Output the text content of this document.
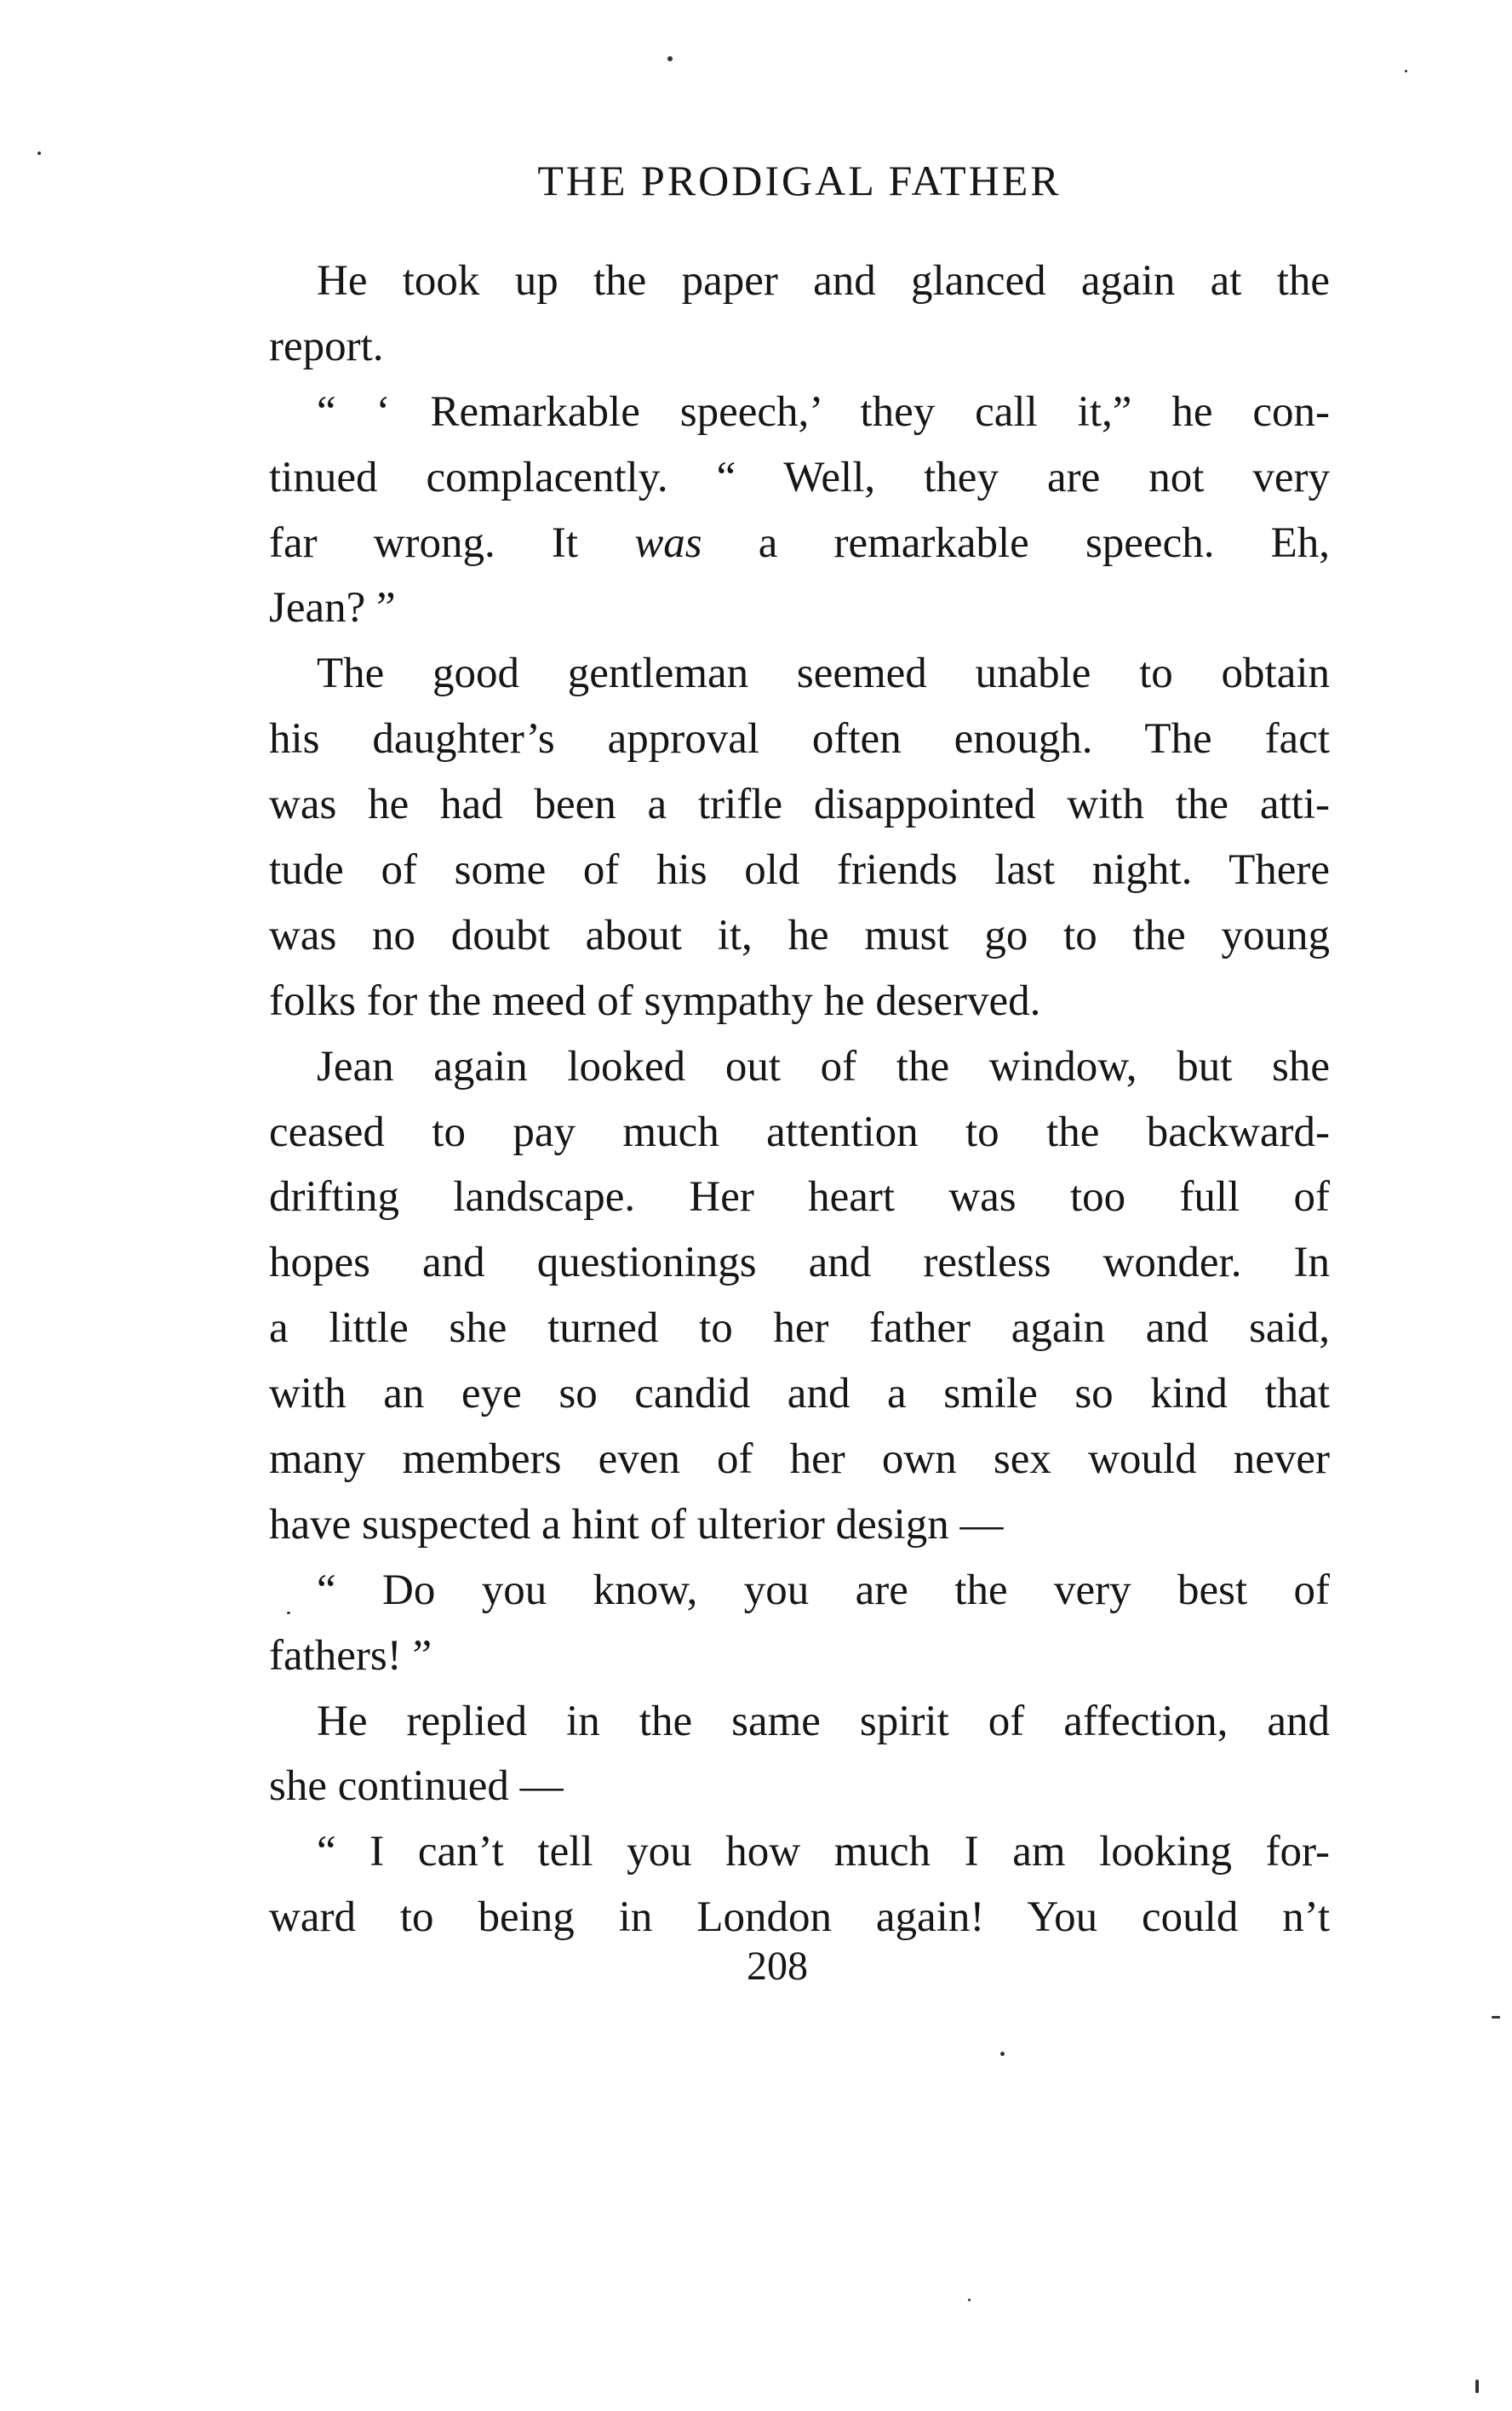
THE PRODIGAL FATHER
He took up the paper and glanced again at the
report.
“ ‘ Remarkable speech,’ they call it,” he con-
tinued complacently. “ Well, they are not very
far wrong. It was a remarkable speech. Eh,
Jean? ”
The good gentleman seemed unable to obtain
his daughter’s approval often enough. The fact
was he had been a trifle disappointed with the atti-
tude of some of his old friends last night. There
was no doubt about it, he must go to the young
folks for the meed of sympathy he deserved.
Jean again looked out of the window, but she
ceased to pay much attention to the backward-
drifting landscape. Her heart was too full of
hopes and questionings and restless wonder. In
a little she turned to her father again and said,
with an eye so candid and a smile so kind that
many members even of her own sex would never
have suspected a hint of ulterior design —
“ Do you know, you are the very best of
fathers! ”
He replied in the same spirit of affection, and
she continued —
“ I can’t tell you how much I am looking for-
ward to being in London again! You could n’t
208
